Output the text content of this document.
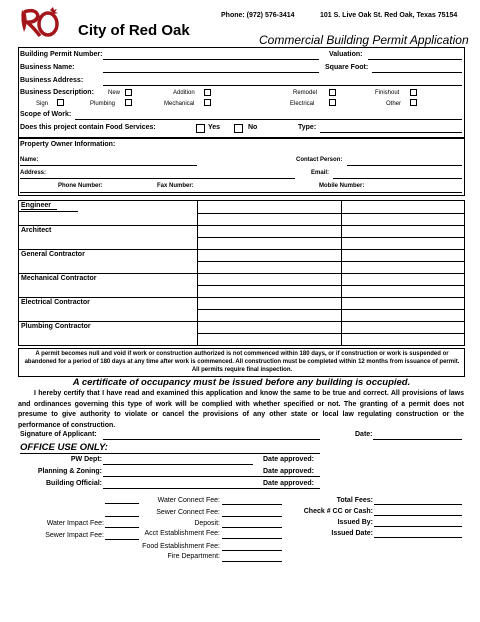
City of Red Oak
Phone: (972) 576-3414	101 S. Live Oak St. Red Oak, Texas 75154
Commercial Building Permit Application
Building Permit Number:	Valuation:
Business Name:	Square Foot:
Business Address:
Business Description: New	Addition	Remodel	Finishout
Sign	Plumbing	Mechanical	Electrical	Other
Scope of Work:
Does this project contain Food Services:	Yes	No	Type:
Property Owner Information:
Name:	Contact Person:
Address:	Email:
Phone Number:	Fax Number:	Mobile Number:
Engineer
Architect
General Contractor
Mechanical Contractor
Electrical Contractor
Plumbing Contractor
A permit becomes null and void if work or construction authorized is not commenced within 180 days, or if construction or work is suspended or abandoned for a period of 180 days at any time after work is commenced. All construction must be completed within 12 months from issuance of permit. All permits require final inspection.
A certificate of occupancy must be issued before any building is occupied.
I hereby certify that I have read and examined this application and know the same to be true and correct. All provisions of laws and ordinances governing this type of work will be complied with whether specified or not. The granting of a permit does not presume to give authority to violate or cancel the provisions of any other state or local law regulating construction or the performance of construction.
Signature of Applicant:	Date:
OFFICE USE ONLY:
PW Dept:	Date approved:
Planning & Zoning:	Date approved:
Building Official:	Date approved:
Water Impact Fee:
Sewer Impact Fee:
Water Connect Fee:
Sewer Connect Fee:
Deposit:
Acct Establishment Fee:
Food Establishment Fee:
Fire Department:
Total Fees:
Check # CC or Cash:
Issued By:
Issued Date:
